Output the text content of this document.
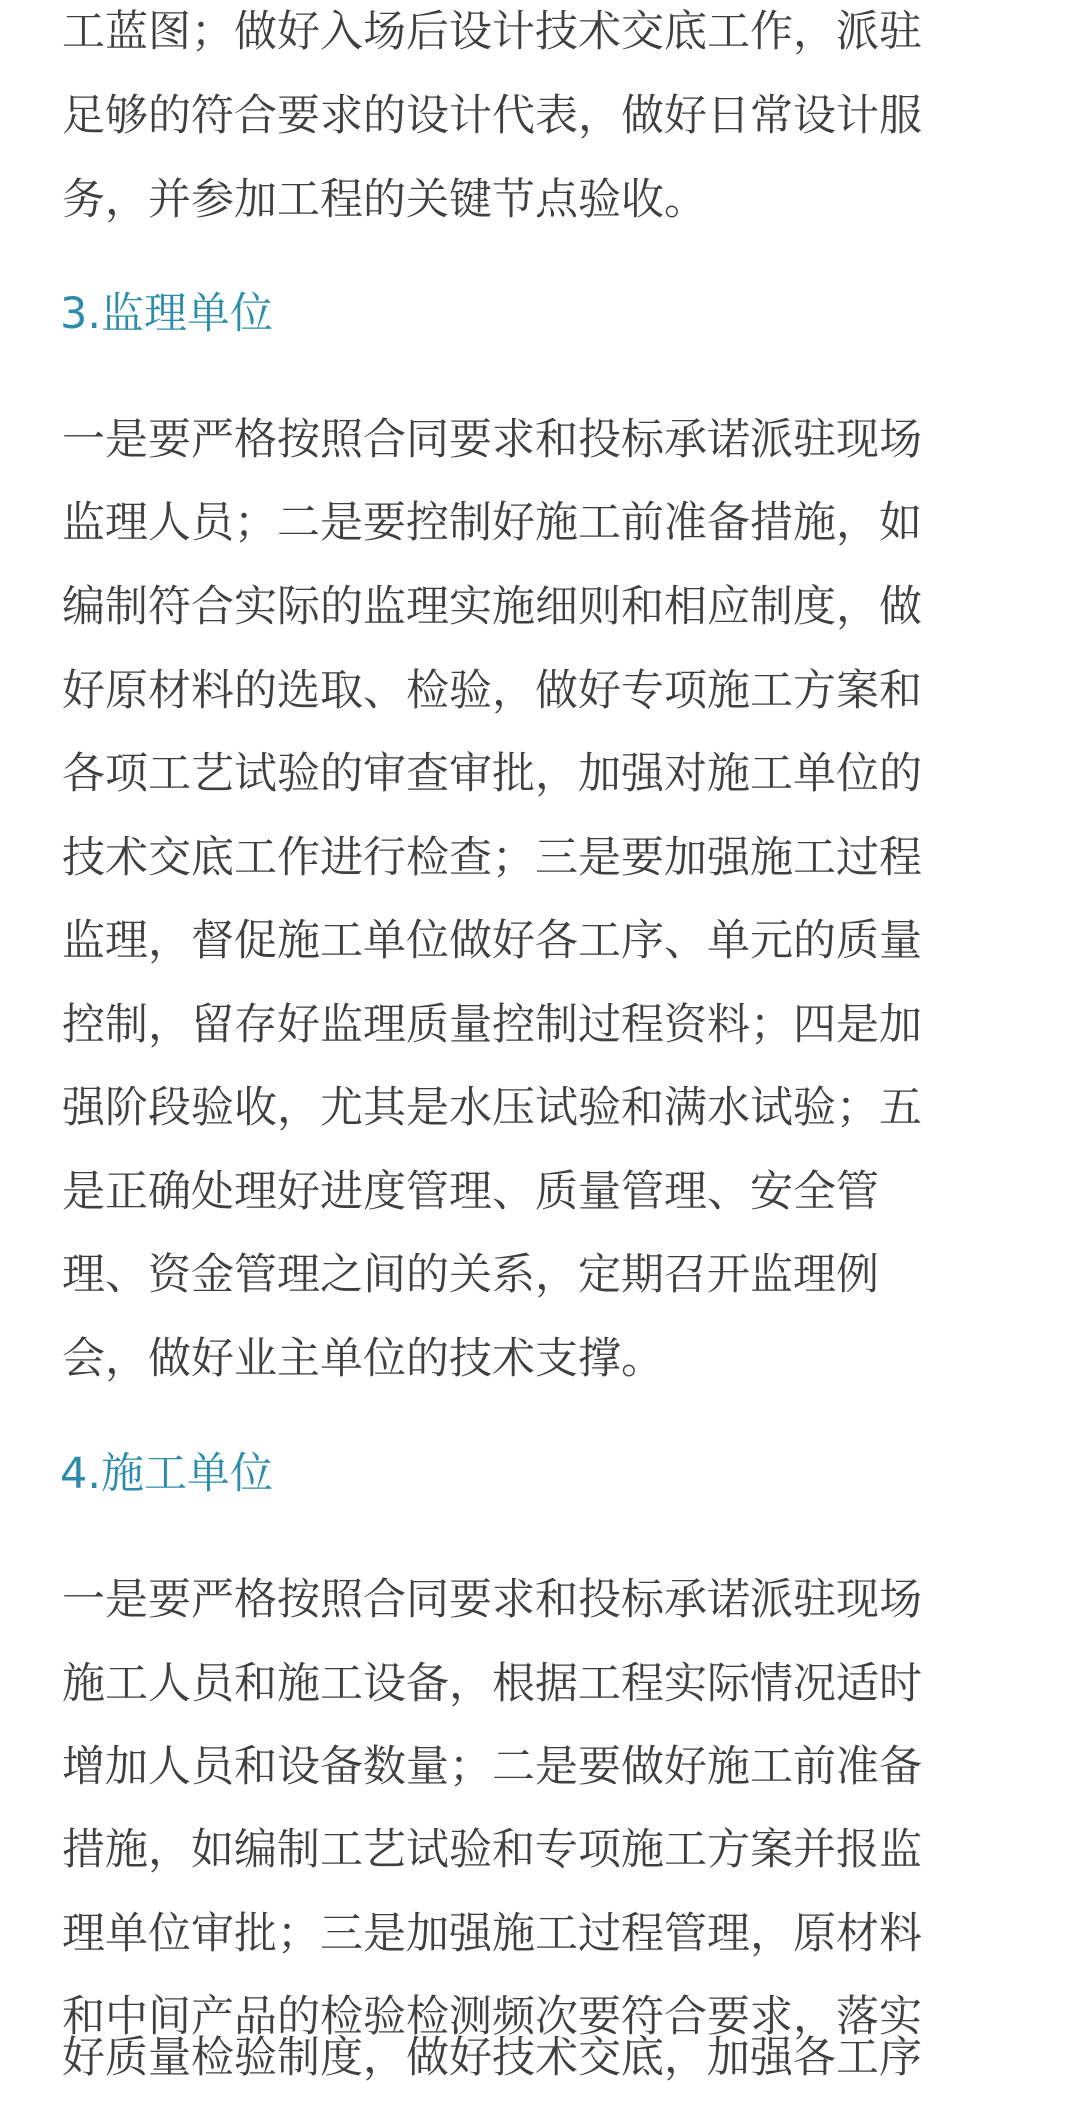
工蓝图；做好入场后设计技术交底工作，派驻
足够的符合要求的设计代表，做好日常设计服
务，并参加工程的关键节点验收。
3.监理单位
一是要严格按照合同要求和投标承诺派驻现场
监理人员；二是要控制好施工前准备措施，如
编制符合实际的监理实施细则和相应制度，做
好原材料的选取、检验，做好专项施工方案和
各项工艺试验的审查审批，加强对施工单位的
技术交底工作进行检查；三是要加强施工过程
监理，督促施工单位做好各工序、单元的质量
控制，留存好监理质量控制过程资料；四是加
强阶段验收，尤其是水压试验和满水试验；五
是正确处理好进度管理、质量管理、安全管
理、资金管理之间的关系，定期召开监理例
会，做好业主单位的技术支撑。
4.施工单位
一是要严格按照合同要求和投标承诺派驻现场
施工人员和施工设备，根据工程实际情况适时
增加人员和设备数量；二是要做好施工前准备
措施，如编制工艺试验和专项施工方案并报监
理单位审批；三是加强施工过程管理，原材料
和中间产品的检验检测频次要符合要求，落实
好质量检验制度，做好技术交底，加强各工序
